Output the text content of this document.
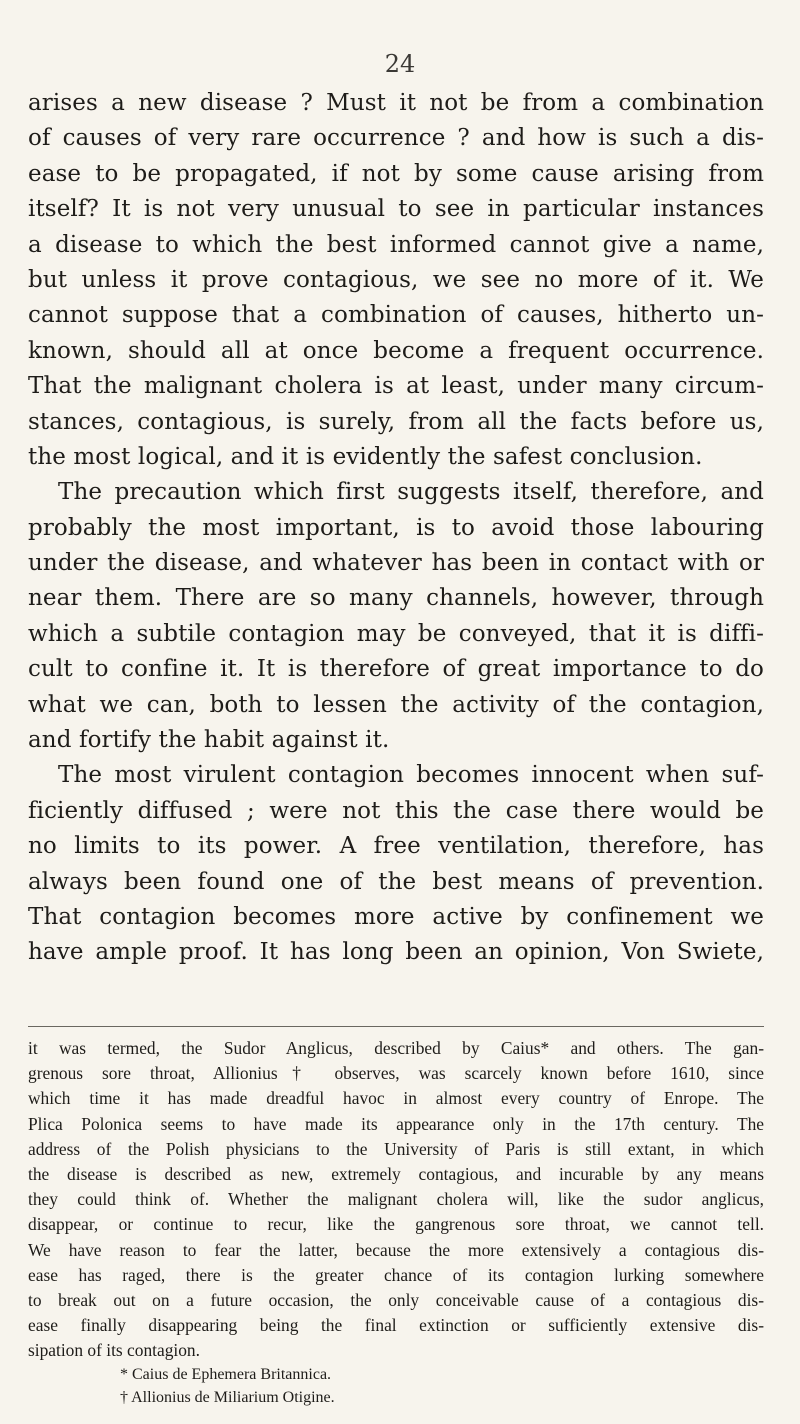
24
arises a new disease ? Must it not be from a combination
of causes of very rare occurrence ? and how is such a dis-
ease to be propagated, if not by some cause arising from
itself? It is not very unusual to see in particular instances
a disease to which the best informed cannot give a name,
but unless it prove contagious, we see no more of it. We
cannot suppose that a combination of causes, hitherto un-
known, should all at once become a frequent occurrence.
That the malignant cholera is at least, under many circum-
stances, contagious, is surely, from all the facts before us,
the most logical, and it is evidently the safest conclusion.
The precaution which first suggests itself, therefore, and
probably the most important, is to avoid those labouring
under the disease, and whatever has been in contact with or
near them. There are so many channels, however, through
which a subtile contagion may be conveyed, that it is diffi-
cult to confine it. It is therefore of great importance to do
what we can, both to lessen the activity of the contagion,
and fortify the habit against it.
The most virulent contagion becomes innocent when suf-
ficiently diffused ; were not this the case there would be
no limits to its power. A free ventilation, therefore, has
always been found one of the best means of prevention.
That contagion becomes more active by confinement we
have ample proof. It has long been an opinion, Von Swiete,
it was termed, the Sudor Anglicus, described by Caius* and others. The gan-
grenous sore throat, Allionius† observes, was scarcely known before 1610, since
which time it has made dreadful havoc in almost every country of Enrope. The
Plica Polonica seems to have made its appearance only in the 17th century. The
address of the Polish physicians to the University of Paris is still extant, in which
the disease is described as new, extremely contagious, and incurable by any means
they could think of. Whether the malignant cholera will, like the sudor anglicus,
disappear, or continue to recur, like the gangrenous sore throat, we cannot tell.
We have reason to fear the latter, because the more extensively a contagious dis-
ease has raged, there is the greater chance of its contagion lurking somewhere
to break out on a future occasion, the only conceivable cause of a contagious dis-
ease finally disappearing being the final extinction or sufficiently extensive dis-
sipation of its contagion.
* Caius de Ephemera Britannica.
† Allionius de Miliarium Otigine.
